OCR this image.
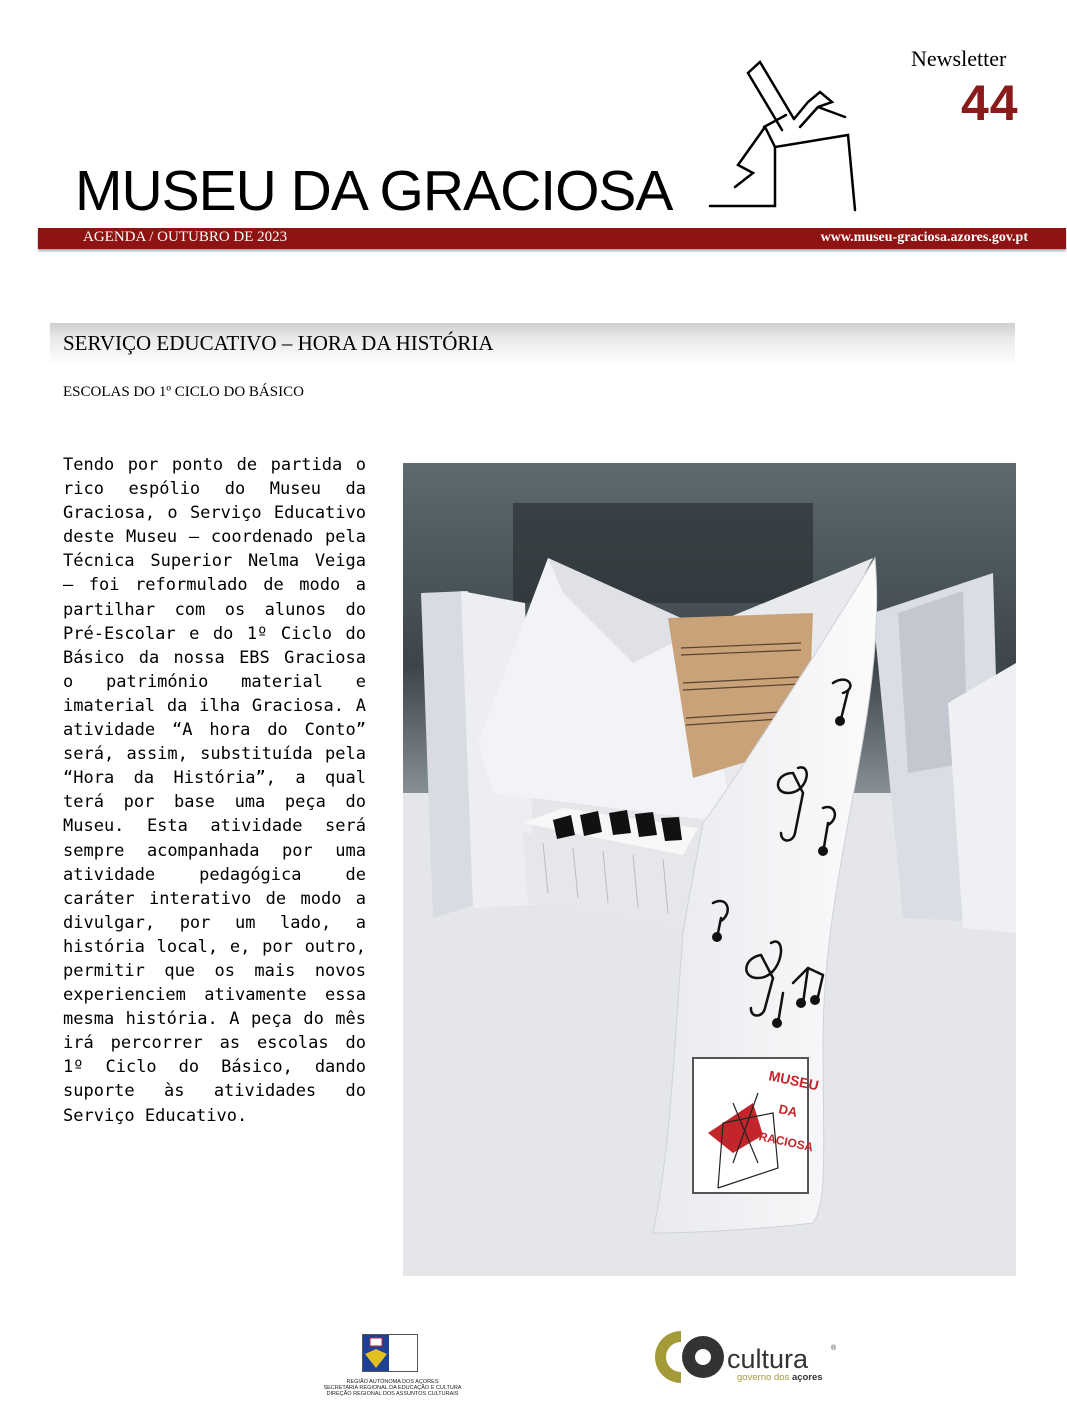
Newsletter
44
MUSEU DA GRACIOSA
AGENDA / OUTUBRO DE 2023	www.museu-graciosa.azores.gov.pt
SERVIÇO EDUCATIVO – HORA DA HISTÓRIA
ESCOLAS DO 1º CICLO DO BÁSICO

Tendo por ponto de partida o rico espólio do Museu da Graciosa, o Serviço Educativo deste Museu – coordenado pela Técnica Superior Nelma Veiga – foi reformulado de modo a partilhar com os alunos do Pré-Escolar e do 1º Ciclo do Básico da nossa EBS Graciosa o património material e imaterial da ilha Graciosa. A atividade “A hora do Conto” será, assim, substituída pela “Hora da História”, a qual terá por base uma peça do Museu. Esta atividade será sempre acompanhada por uma atividade pedagógica de caráter interativo de modo a divulgar, por um lado, a história local, e, por outro, permitir que os mais novos experienciem ativamente essa mesma história. A peça do mês irá percorrer as escolas do 1º Ciclo do Básico, dando suporte às atividades do Serviço Educativo.

MUSEU
DA
GRACIOSA
REGIÃO AUTÓNOMA DOS AÇORES
SECRETARIA REGIONAL DA EDUCAÇÃO E CULTURA
DIREÇÃO REGIONAL DOS ASSUNTOS CULTURAIS
cultura	®
governo dos açores
